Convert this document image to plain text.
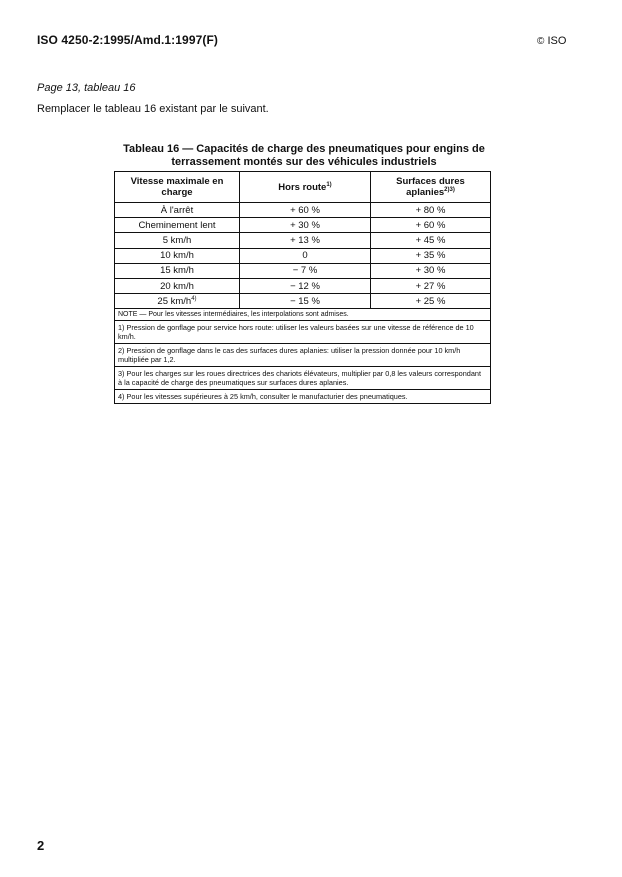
ISO 4250-2:1995/Amd.1:1997(F)	© ISO
Page 13, tableau 16
Remplacer le tableau 16 existant par le suivant.
Tableau 16 — Capacités de charge des pneumatiques pour engins de terrassement montés sur des véhicules industriels
Vitesse maximale en charge	Hors route$^{1)}$	Surfaces dures aplanies$^{2)3)}$
À l'arrêt	+ 60 %	+ 80 %
Cheminement lent	+ 30 %	+ 60 %
5 km/h	+ 13 %	+ 45 %
10 km/h	0	+ 35 %
15 km/h	− 7 %	+ 30 %
20 km/h	− 12 %	+ 27 %
25 $km/h^{4)}$	− 15 %	+ 25 %
NOTE — Pour les vitesses intermédiaires, les interpolations sont admises.		
1) Pression de gonflage pour service hors route: utiliser les valeurs basées sur une vitesse de référence de 10 km/h.		
2) Pression de gonflage dans le cas des surfaces dures aplanies: utiliser la pression donnée pour 10 km/h multipliée par 1,2.		
3) Pour les charges sur les roues directrices des chariots élévateurs, multiplier par 0,8 les valeurs correspondant à la capacité de charge des pneumatiques sur surfaces dures aplanies.		
4) Pour les vitesses supérieures à 25 km/h, consulter le manufacturier des pneumatiques.		
2
